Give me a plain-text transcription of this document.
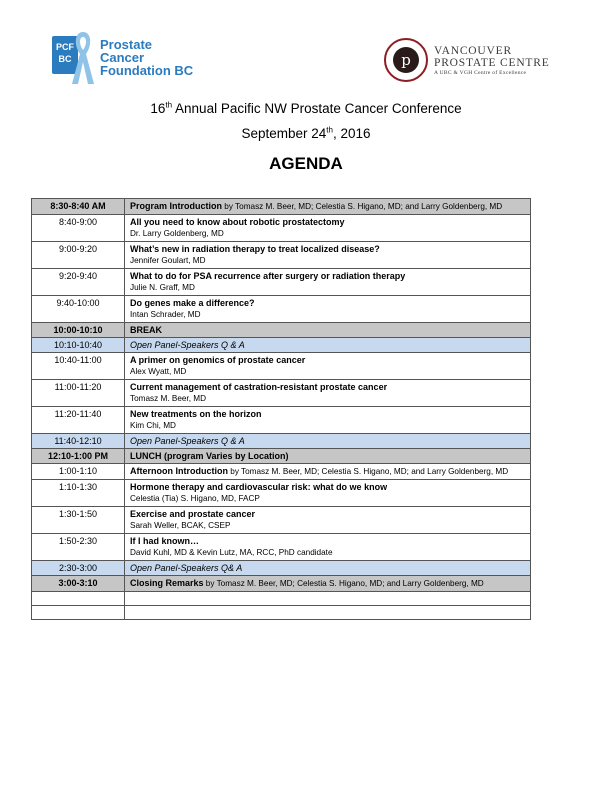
PCF BC
Prostate
Cancer
Foundation BC
p	VANCOUVER
PROSTATE CENTRE
A UBC & VGH Centre of Excellence
16th Annual Pacific NW Prostate Cancer Conference
September 24th, 2016
AGENDA
8:30-8:40 AM	Program Introduction by Tomasz M. Beer, MD; Celestia S. Higano, MD; and Larry Goldenberg, MD
8:40-9:00	All you need to know about robotic prostatectomy
Dr. Larry Goldenberg, MD

9:00-9:20	What’s new in radiation therapy to treat localized disease?
Jennifer Goulart, MD

9:20-9:40	What to do for PSA recurrence after surgery or radiation therapy
Julie N. Graff, MD

9:40-10:00	Do genes make a difference?
Intan Schrader, MD

10:00-10:10	BREAK
10:10-10:40	Open Panel-Speakers Q & A
10:40-11:00	A primer on genomics of prostate cancer
Alex Wyatt, MD

11:00-11:20	Current management of castration-resistant prostate cancer
Tomasz M. Beer, MD

11:20-11:40	New treatments on the horizon
Kim Chi, MD

11:40-12:10	Open Panel-Speakers Q & A
12:10-1:00 PM	LUNCH (program Varies by Location)
1:00-1:10	Afternoon Introduction by Tomasz M. Beer, MD; Celestia S. Higano, MD; and Larry Goldenberg, MD
1:10-1:30	Hormone therapy and cardiovascular risk: what do we know
Celestia (Tia) S. Higano, MD, FACP

1:30-1:50	Exercise and prostate cancer
Sarah Weller, BCAK, CSEP

1:50-2:30	If I had known…
David Kuhl, MD & Kevin Lutz, MA, RCC, PhD candidate

2:30-3:00	Open Panel-Speakers Q& A
3:00-3:10	Closing Remarks by Tomasz M. Beer, MD; Celestia S. Higano, MD; and Larry Goldenberg, MD
